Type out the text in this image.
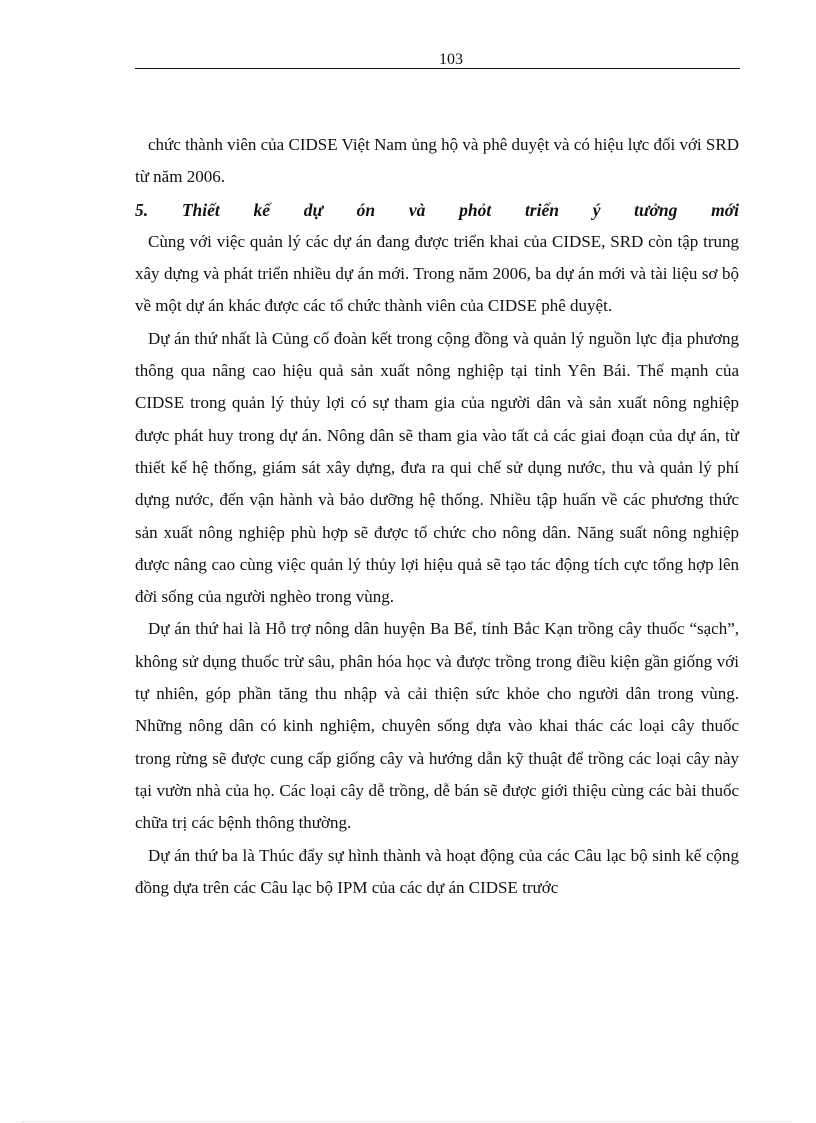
103

chức thành viên của CIDSE Việt Nam ủng hộ và phê duyệt và có hiệu lực đối với SRD từ năm 2006.

5. Thiết kế dự ón và phỏt triển ý tưởng mới

Cùng với việc quản lý các dự án đang được triển khai của CIDSE, SRD còn tập trung xây dựng và phát triển nhiều dự án mới. Trong năm 2006, ba dự án mới và tài liệu sơ bộ về một dự án khác được các tổ chức thành viên của CIDSE phê duyệt.

Dự án thứ nhất là Củng cố đoàn kết trong cộng đồng và quản lý nguồn lực địa phương thông qua nâng cao hiệu quả sản xuất nông nghiệp tại tỉnh Yên Bái. Thế mạnh của CIDSE trong quản lý thủy lợi có sự tham gia của người dân và sản xuất nông nghiệp được phát huy trong dự án. Nông dân sẽ tham gia vào tất cả các giai đoạn của dự án, từ thiết kế hệ thống, giám sát xây dựng, đưa ra qui chế sử dụng nước, thu và quản lý phí dựng nước, đến vận hành và bảo dưỡng hệ thống. Nhiều tập huấn về các phương thức sản xuất nông nghiệp phù hợp sẽ được tổ chức cho nông dân. Năng suất nông nghiệp được nâng cao cùng việc quản lý thủy lợi hiệu quả sẽ tạo tác động tích cực tổng hợp lên đời sống của người nghèo trong vùng.

Dự án thứ hai là Hỗ trợ nông dân huyện Ba Bể, tỉnh Bắc Kạn trồng cây thuốc “sạch”, không sử dụng thuốc trừ sâu, phân hóa học và được trồng trong điều kiện gần giống với tự nhiên, góp phần tăng thu nhập và cải thiện sức khỏe cho người dân trong vùng. Những nông dân có kinh nghiệm, chuyên sống dựa vào khai thác các loại cây thuốc trong rừng sẽ được cung cấp giống cây và hướng dẫn kỹ thuật để trồng các loại cây này tại vườn nhà của họ. Các loại cây dễ trồng, dễ bán sẽ được giới thiệu cùng các bài thuốc chữa trị các bệnh thông thường.

Dự án thứ ba là Thúc đẩy sự hình thành và hoạt động của các Câu lạc bộ sinh kế cộng đồng dựa trên các Câu lạc bộ IPM của các dự án CIDSE trước
